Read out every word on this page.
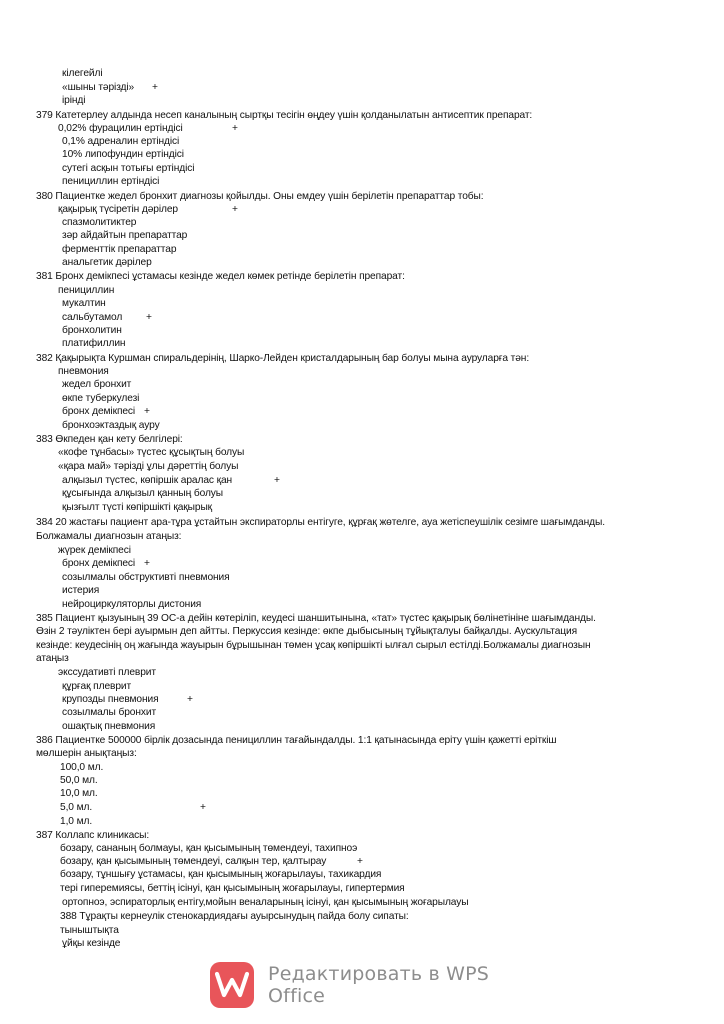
кілегейлі
«шыны тәрізді» +
ірінді
379 Катетерлеу алдында несеп каналының сыртқы тесігін өңдеу үшін қолданылатын антисептик препарат:
0,02% фурацилин ертіндісі	+
0,1% адреналин ертіндісі
10% липофундин ертіндісі
сутегі асқын тотығы ертіндісі
пенициллин ертіндісі
380 Пациентке жедел бронхит диагнозы қойылды. Оны емдеу үшін берілетін препараттар тобы:
қақырық түсіретін дәрілер	+
спазмолитиктер
зәр айдайтын препараттар
ферменттік препараттар
анальгетик дәрілер
381 Бронх демікпесі ұстамасы кезінде жедел көмек ретінде берілетін препарат:
пенициллин
мукалтин
сальбутамол +
бронхолитин
платифиллин
382 Қақырықта Куршман спиральдерінің, Шарко-Лейден кристалдарының бар болуы мына ауруларға тән:
пневмония
жедел бронхит
өкпе туберкулезі
бронх демікпесі +
бронхоэктаздық ауру
383 Өкпеден қан кету белгілері:
«кофе тұнбасы» түстес құсықтың болуы
«қара май» тәрізді ұлы дәреттің болуы
алқызыл түстес, көпіршік аралас қан	+
құсығында алқызыл қанның болуы
қызғылт түсті көпіршікті қақырық
384 20 жастағы пациент ара-тұра ұстайтын экспираторлы ентігуге, құрғақ жөтелге, ауа жетіспеушілік сезімге шағымданды.
Болжамалы диагнозын атаңыз:
жүрек демікпесі
бронх демікпесі +
созылмалы обструктивті пневмония
истерия
нейроциркуляторлы дистония
385 Пациент қызуының 39 ОС-а дейін көтеріліп, кеудесі шаншитынына, «тат» түстес қақырық бөлінетініне шағымданды.
Өзін 2 тәуліктен бері ауырмын деп айтты. Перкуссия кезінде: өкпе дыбысының тұйықталуы байқалды. Аускультация
кезінде: кеудесінің оң жағында жауырын бұрышынан төмен ұсақ көпіршікті ылғал сырыл естілді.Болжамалы диагнозын
атаңыз
экссудативті плеврит
құрғақ плеврит
крупозды пневмония	+
созылмалы бронхит
ошақтық пневмония
386 Пациентке 500000 бірлік дозасында пенициллин тағайындалды. 1:1 қатынасында еріту үшін қажетті еріткіш
мөлшерін анықтаңыз:
100,0 мл.
50,0 мл.
10,0 мл.
5,0 мл.	+
1,0 мл.
387 Коллапс клиникасы:
бозару, сананың болмауы, қан қысымының төмендеуі, тахипноэ
бозару, қан қысымының төмендеуі, салқын тер, қалтырау	+
бозару, тұншығу ұстамасы, қан қысымының жоғарылауы, тахикардия
тері гиперемиясы, беттің ісінуі, қан қысымының жоғарылауы, гипертермия
ортопноэ, эспираторлық ентігу,мойын веналарының ісінуі, қан қысымының жоғарылауы
388 Тұрақты кернеулік стенокардиядағы ауырсынудың пайда болу сипаты:
тыныштықта
ұйқы кезінде
Редактировать в WPS Office
